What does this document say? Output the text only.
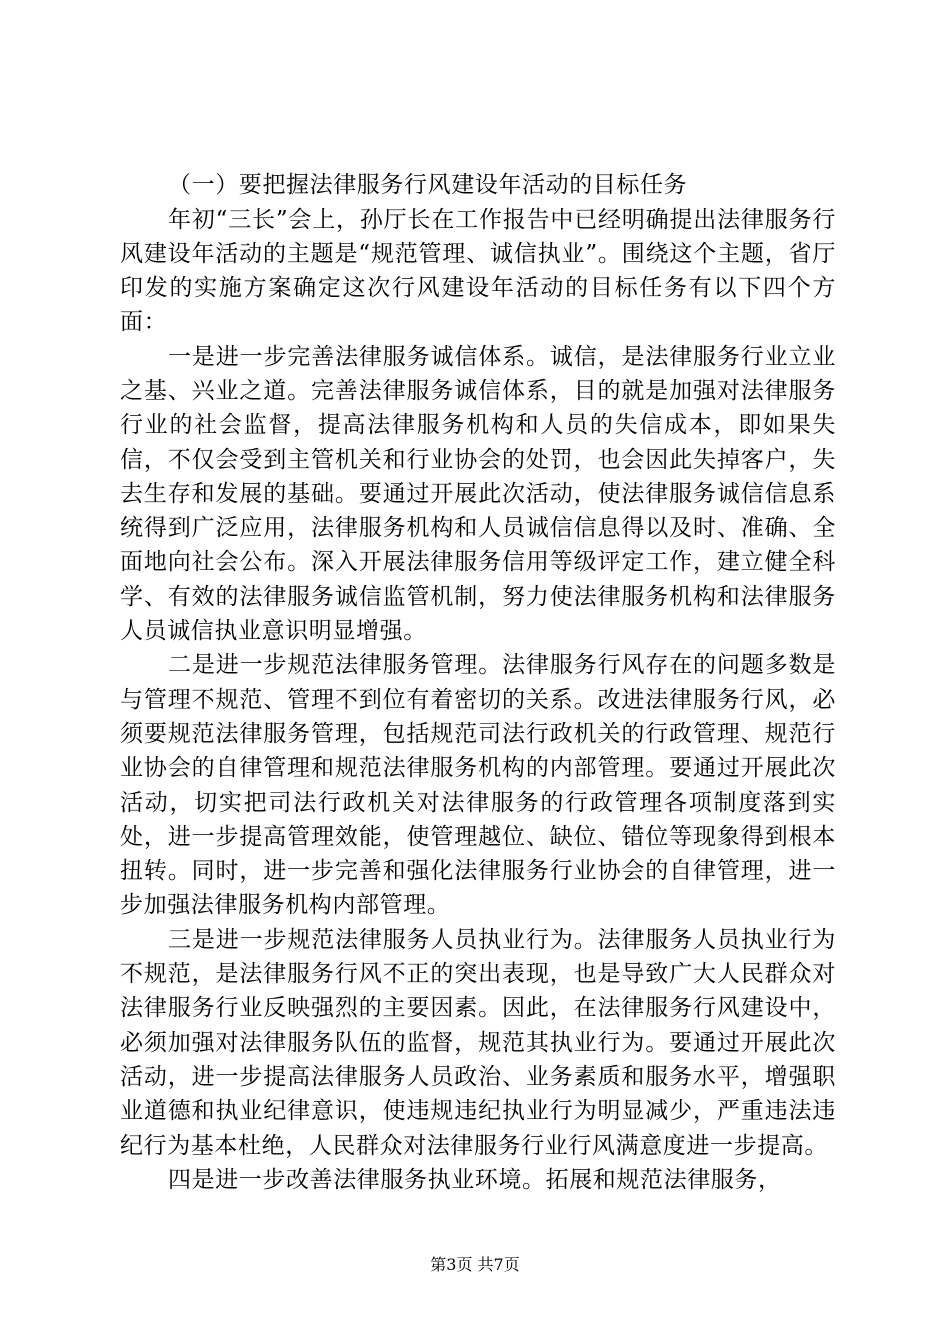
（一）要把握法律服务行风建设年活动的目标任务

年初“三长”会上，孙厅长在工作报告中已经明确提出法律服务行风建设年活动的主题是“规范管理、诚信执业”。围绕这个主题，省厅印发的实施方案确定这次行风建设年活动的目标任务有以下四个方面：

一是进一步完善法律服务诚信体系。诚信，是法律服务行业立业之基、兴业之道。完善法律服务诚信体系，目的就是加强对法律服务行业的社会监督，提高法律服务机构和人员的失信成本，即如果失信，不仅会受到主管机关和行业协会的处罚，也会因此失掉客户，失去生存和发展的基础。要通过开展此次活动，使法律服务诚信信息系统得到广泛应用，法律服务机构和人员诚信信息得以及时、准确、全面地向社会公布。深入开展法律服务信用等级评定工作，建立健全科学、有效的法律服务诚信监管机制，努力使法律服务机构和法律服务人员诚信执业意识明显增强。

二是进一步规范法律服务管理。法律服务行风存在的问题多数是与管理不规范、管理不到位有着密切的关系。改进法律服务行风，必须要规范法律服务管理，包括规范司法行政机关的行政管理、规范行业协会的自律管理和规范法律服务机构的内部管理。要通过开展此次活动，切实把司法行政机关对法律服务的行政管理各项制度落到实处，进一步提高管理效能，使管理越位、缺位、错位等现象得到根本扭转。同时，进一步完善和强化法律服务行业协会的自律管理，进一步加强法律服务机构内部管理。

三是进一步规范法律服务人员执业行为。法律服务人员执业行为不规范，是法律服务行风不正的突出表现，也是导致广大人民群众对法律服务行业反映强烈的主要因素。因此，在法律服务行风建设中，必须加强对法律服务队伍的监督，规范其执业行为。要通过开展此次活动，进一步提高法律服务人员政治、业务素质和服务水平，增强职业道德和执业纪律意识，使违规违纪执业行为明显减少，严重违法违纪行为基本杜绝，人民群众对法律服务行业行风满意度进一步提高。

四是进一步改善法律服务执业环境。拓展和规范法律服务，

第3页 共7页
